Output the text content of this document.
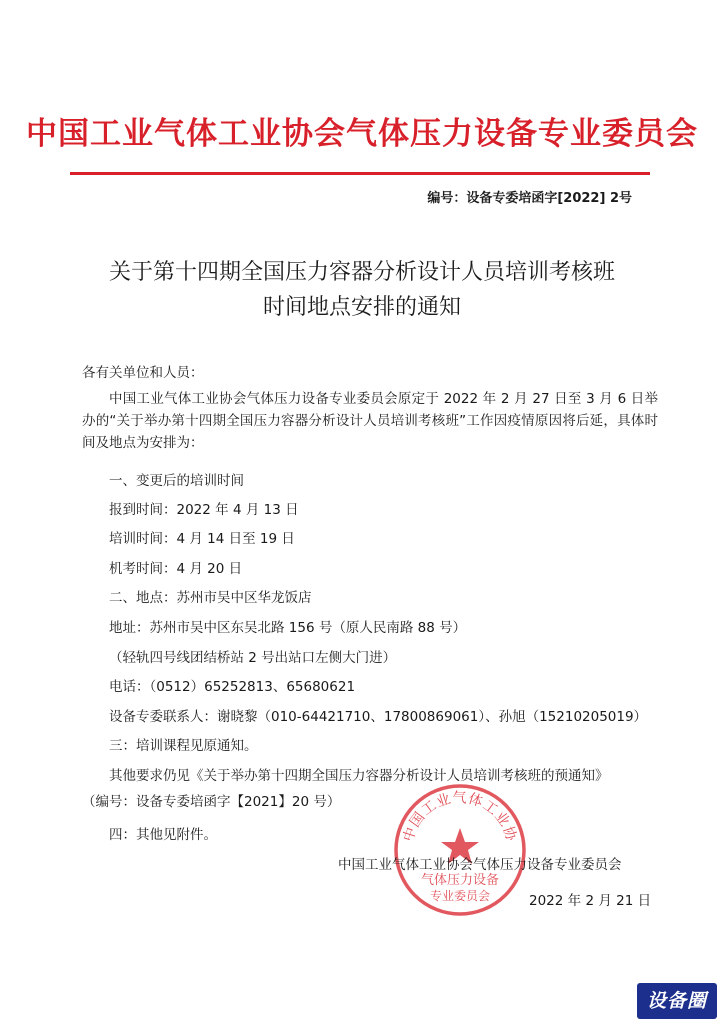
中国工业气体工业协会气体压力设备专业委员会
编号：设备专委培函字[2022] 2号
关于第十四期全国压力容器分析设计人员培训考核班
时间地点安排的通知
各有关单位和人员：
中国工业气体工业协会气体压力设备专业委员会原定于 2022 年 2 月 27 日至 3 月 6 日举办的“关于举办第十四期全国压力容器分析设计人员培训考核班”工作因疫情原因将后延，具体时间及地点为安排为：
一、变更后的培训时间
报到时间：2022 年 4 月 13 日
培训时间：4 月 14 日至 19 日
机考时间：4 月 20 日
二、地点：苏州市吴中区华龙饭店
地址：苏州市吴中区东吴北路 156 号（原人民南路 88 号）
（轻轨四号线团结桥站 2 号出站口左侧大门进）
电话：（0512）65252813、65680621
设备专委联系人：谢晓黎（010-64421710、17800869061）、孙旭（15210205019）
三：培训课程见原通知。
其他要求仍见《关于举办第十四期全国压力容器分析设计人员培训考核班的预通知》
（编号：设备专委培函字【2021】20 号）
四：其他见附件。	中国工业气体工业协
气体压力设备
专业委员会
中国工业气体工业协会气体压力设备专业委员会
2022 年 2 月 21 日
设备圈
